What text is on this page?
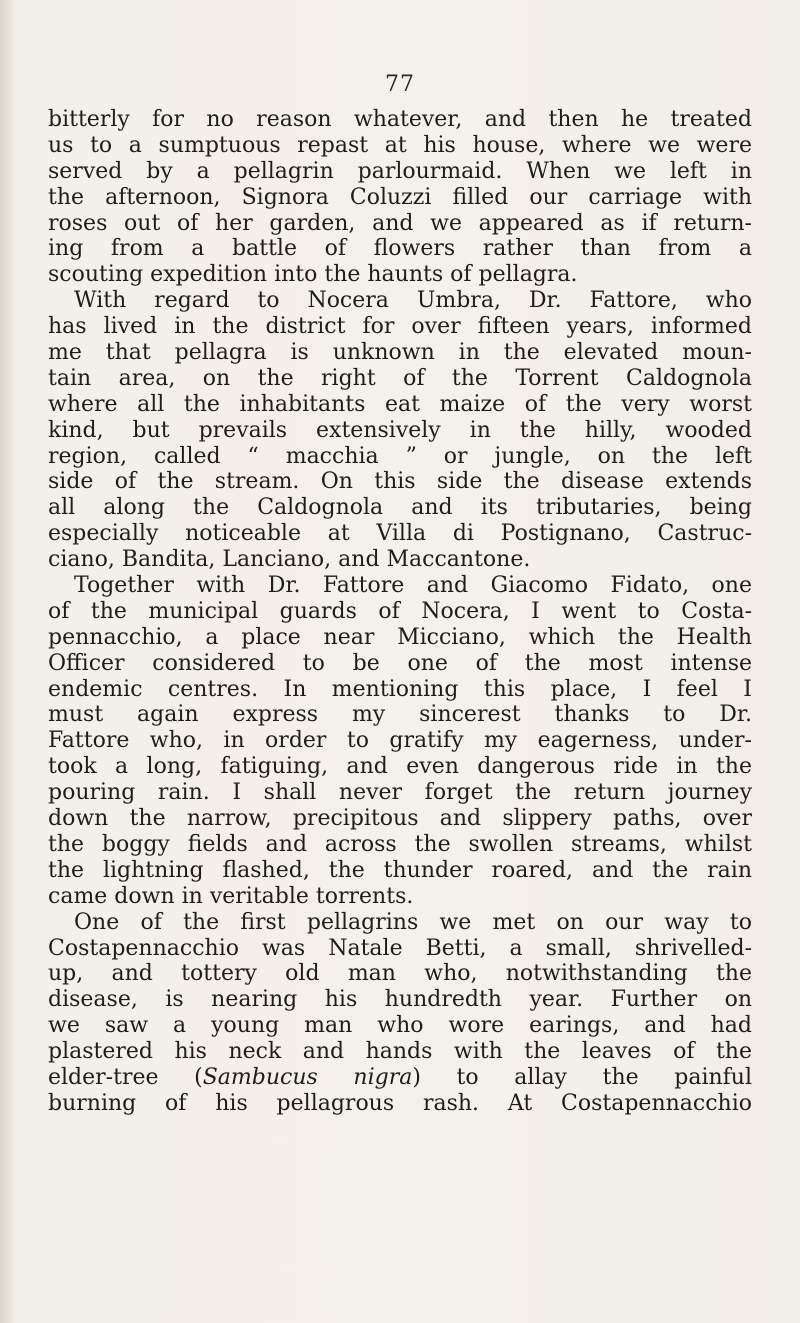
77
bitterly for no reason whatever, and then he treated
us to a sumptuous repast at his house, where we were
served by a pellagrin parlourmaid. When we left in
the afternoon, Signora Coluzzi filled our carriage with
roses out of her garden, and we appeared as if return-
ing from a battle of flowers rather than from a
scouting expedition into the haunts of pellagra.
With regard to Nocera Umbra, Dr. Fattore, who
has lived in the district for over fifteen years, informed
me that pellagra is unknown in the elevated moun-
tain area, on the right of the Torrent Caldognola
where all the inhabitants eat maize of the very worst
kind, but prevails extensively in the hilly, wooded
region, called “ macchia ” or jungle, on the left
side of the stream. On this side the disease extends
all along the Caldognola and its tributaries, being
especially noticeable at Villa di Postignano, Castruc-
ciano, Bandita, Lanciano, and Maccantone.
Together with Dr. Fattore and Giacomo Fidato, one
of the municipal guards of Nocera, I went to Costa-
pennacchio, a place near Micciano, which the Health
Officer considered to be one of the most intense
endemic centres. In mentioning this place, I feel I
must again express my sincerest thanks to Dr.
Fattore who, in order to gratify my eagerness, under-
took a long, fatiguing, and even dangerous ride in the
pouring rain. I shall never forget the return journey
down the narrow, precipitous and slippery paths, over
the boggy fields and across the swollen streams, whilst
the lightning flashed, the thunder roared, and the rain
came down in veritable torrents.
One of the first pellagrins we met on our way to
Costapennacchio was Natale Betti, a small, shrivelled-
up, and tottery old man who, notwithstanding the
disease, is nearing his hundredth year. Further on
we saw a young man who wore earings, and had
plastered his neck and hands with the leaves of the
elder-tree (Sambucus nigra) to allay the painful
burning of his pellagrous rash. At Costapennacchio
